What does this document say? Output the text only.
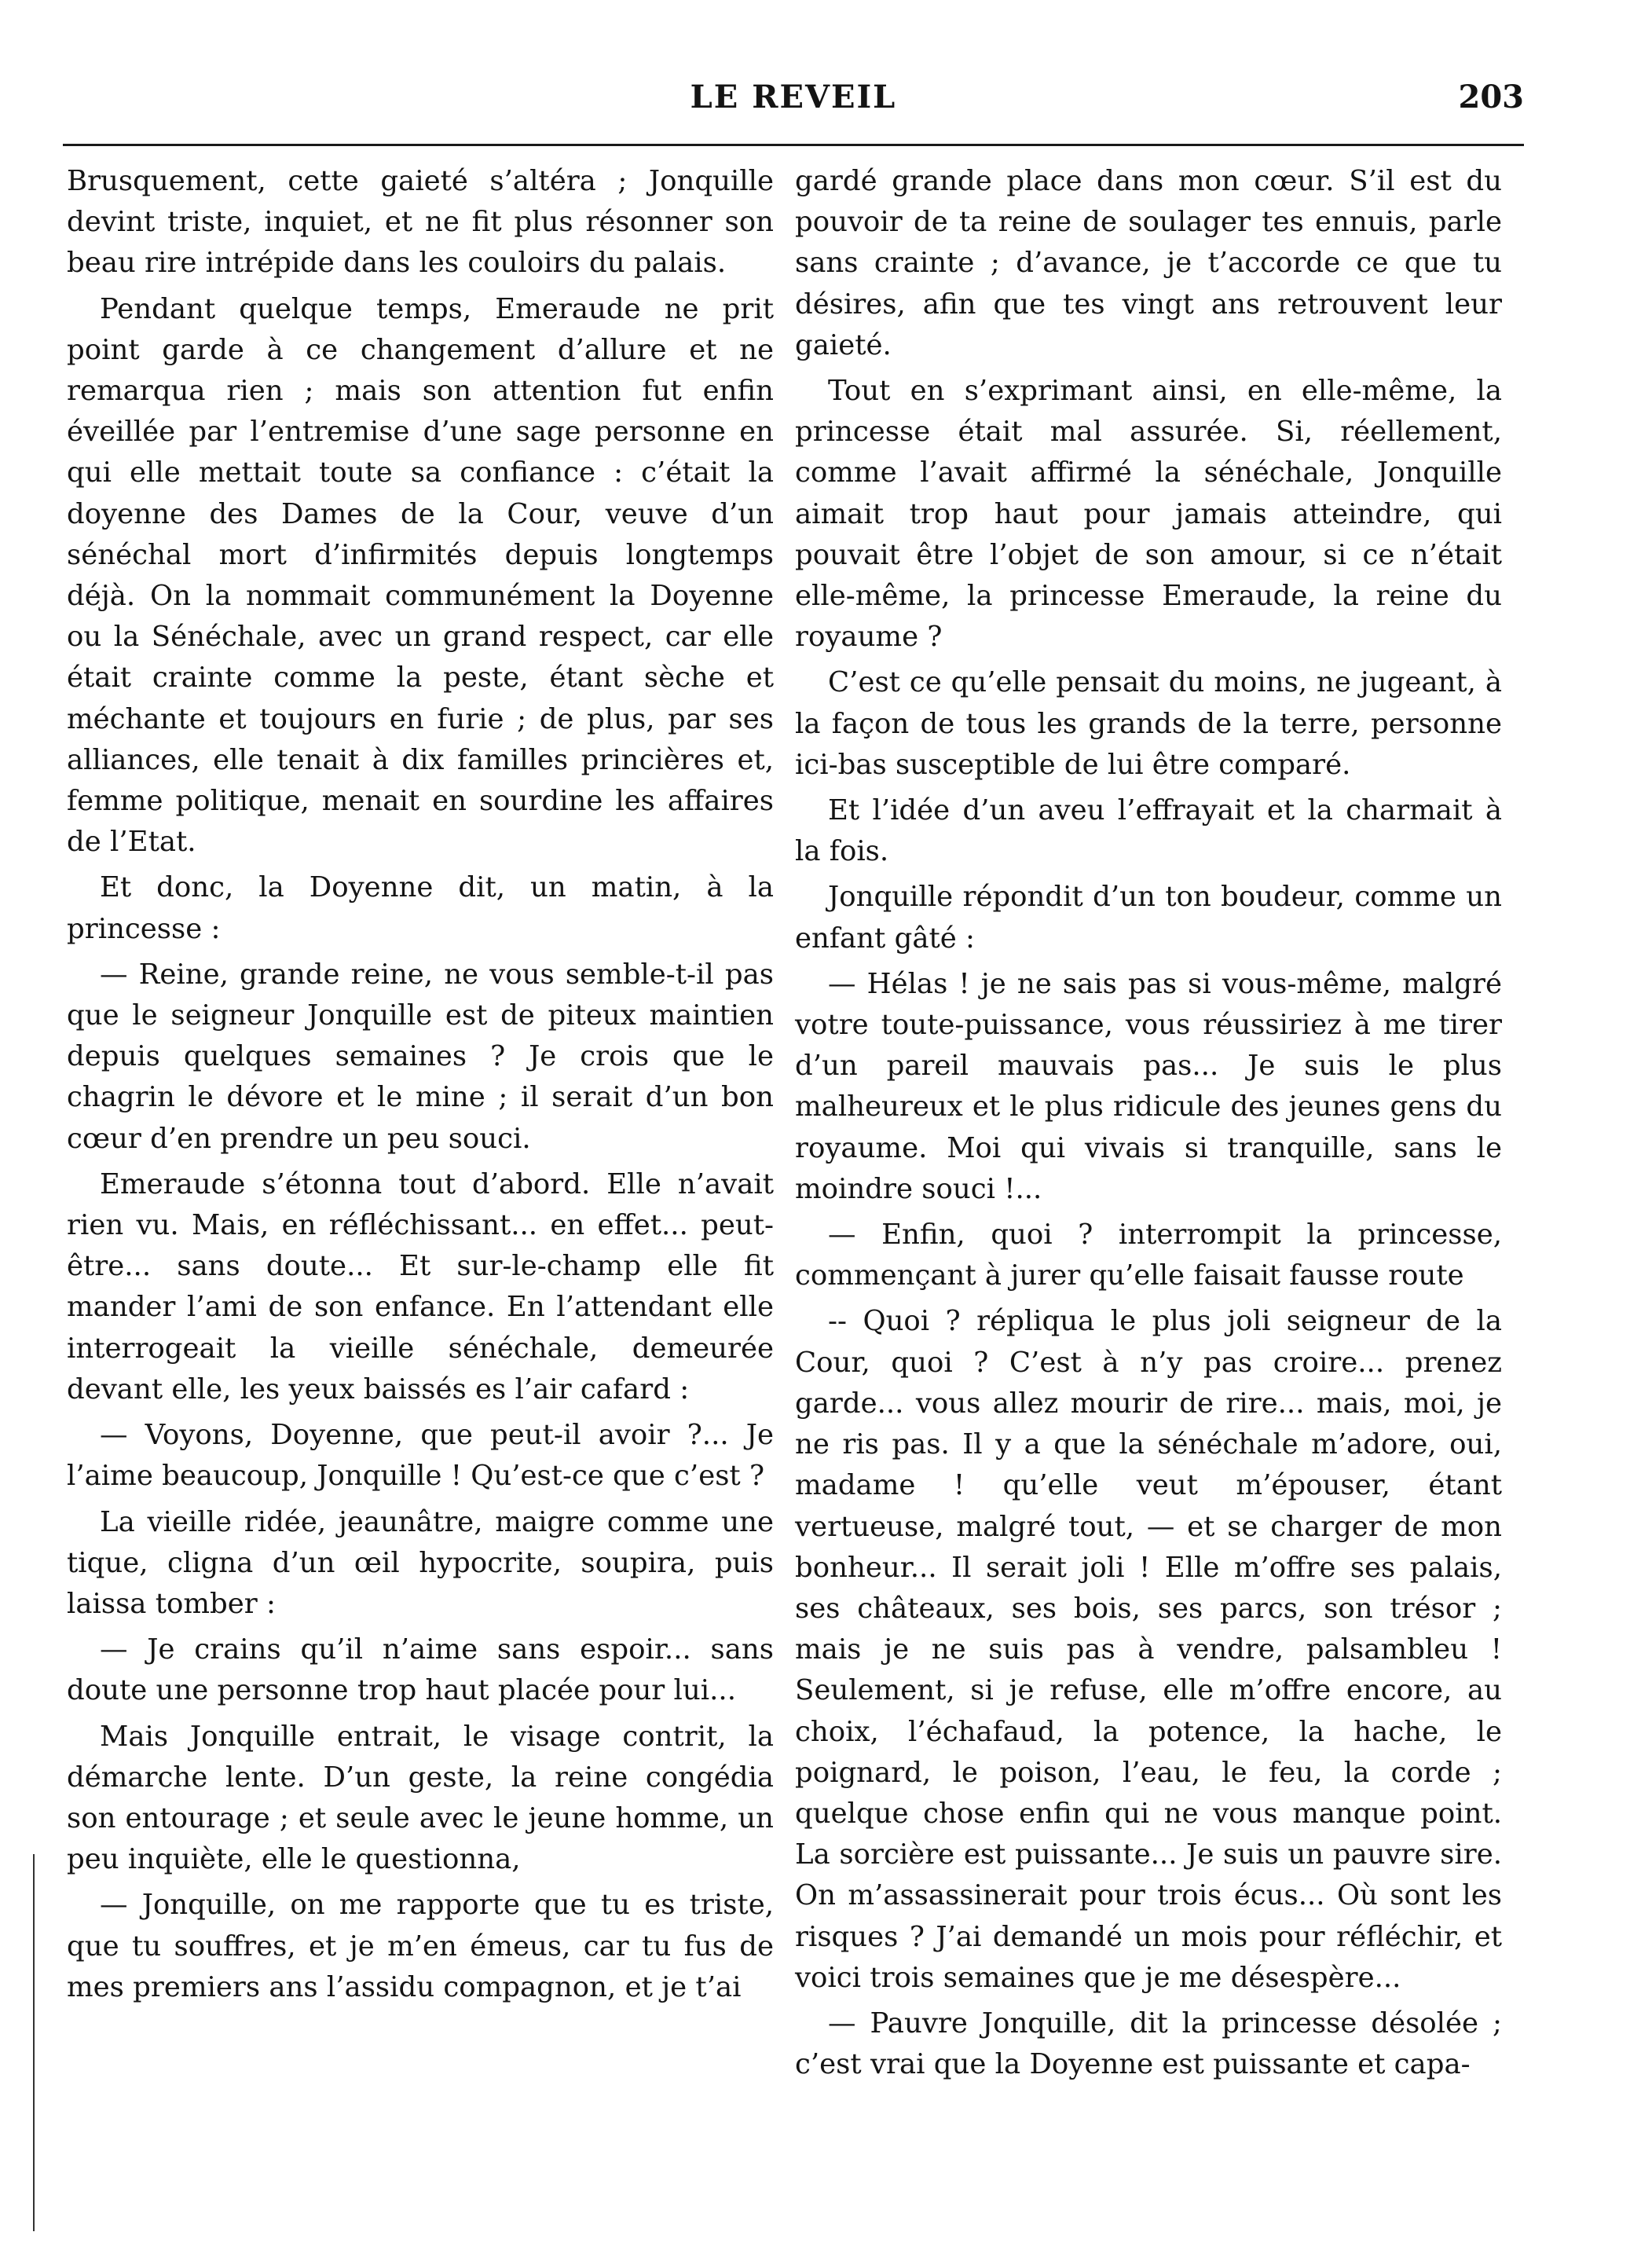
LE REVEIL	203

Brusquement, cette gaieté s’altéra ; Jonquille devint triste, inquiet, et ne fit plus résonner son beau rire intrépide dans les couloirs du palais.

Pendant quelque temps, Emeraude ne prit point garde à ce changement d’allure et ne remarqua rien ; mais son attention fut enfin éveillée par l’entremise d’une sage personne en qui elle mettait toute sa confiance : c’était la doyenne des Dames de la Cour, veuve d’un sénéchal mort d’infirmités depuis longtemps déjà. On la nommait communément la Doyenne ou la Sénéchale, avec un grand respect, car elle était crainte comme la peste, étant sèche et méchante et toujours en furie ; de plus, par ses alliances, elle tenait à dix familles princières et, femme politique, menait en sourdine les affaires de l’Etat.

Et donc, la Doyenne dit, un matin, à la princesse :

— Reine, grande reine, ne vous semble-t-il pas que le seigneur Jonquille est de piteux maintien depuis quelques semaines ? Je crois que le chagrin le dévore et le mine ; il serait d’un bon cœur d’en prendre un peu souci.

Emeraude s’étonna tout d’abord. Elle n’avait rien vu. Mais, en réfléchissant... en effet... peut-être... sans doute... Et sur-le-champ elle fit mander l’ami de son enfance. En l’attendant elle interrogeait la vieille sénéchale, demeurée devant elle, les yeux baissés es l’air cafard :

— Voyons, Doyenne, que peut-il avoir ?... Je l’aime beaucoup, Jonquille ! Qu’est-ce que c’est ?

La vieille ridée, jeaunâtre, maigre comme une tique, cligna d’un œil hypocrite, soupira, puis laissa tomber :

— Je crains qu’il n’aime sans espoir... sans doute une personne trop haut placée pour lui...

Mais Jonquille entrait, le visage contrit, la démarche lente. D’un geste, la reine congédia son entourage ; et seule avec le jeune homme, un peu inquiète, elle le questionna,

— Jonquille, on me rapporte que tu es triste, que tu souffres, et je m’en émeus, car tu fus de mes premiers ans l’assidu compagnon, et je t’ai

gardé grande place dans mon cœur. S’il est du pouvoir de ta reine de soulager tes ennuis, parle sans crainte ; d’avance, je t’accorde ce que tu désires, afin que tes vingt ans retrouvent leur gaieté.

Tout en s’exprimant ainsi, en elle-même, la princesse était mal assurée. Si, réellement, comme l’avait affirmé la sénéchale, Jonquille aimait trop haut pour jamais atteindre, qui pouvait être l’objet de son amour, si ce n’était elle-même, la princesse Emeraude, la reine du royaume ?

C’est ce qu’elle pensait du moins, ne jugeant, à la façon de tous les grands de la terre, personne ici-bas susceptible de lui être comparé.

Et l’idée d’un aveu l’effrayait et la charmait à la fois.

Jonquille répondit d’un ton boudeur, comme un enfant gâté :

— Hélas ! je ne sais pas si vous-même, malgré votre toute-puissance, vous réussiriez à me tirer d’un pareil mauvais pas... Je suis le plus malheureux et le plus ridicule des jeunes gens du royaume. Moi qui vivais si tranquille, sans le moindre souci !...

— Enfin, quoi ? interrompit la princesse, commençant à jurer qu’elle faisait fausse route

-- Quoi ? répliqua le plus joli seigneur de la Cour, quoi ? C’est à n’y pas croire... prenez garde... vous allez mourir de rire... mais, moi, je ne ris pas. Il y a que la sénéchale m’adore, oui, madame ! qu’elle veut m’épouser, étant vertueuse, malgré tout, — et se charger de mon bonheur... Il serait joli ! Elle m’offre ses palais, ses châteaux, ses bois, ses parcs, son trésor ; mais je ne suis pas à vendre, palsambleu ! Seulement, si je refuse, elle m’offre encore, au choix, l’échafaud, la potence, la hache, le poignard, le poison, l’eau, le feu, la corde ; quelque chose enfin qui ne vous manque point. La sorcière est puissante... Je suis un pauvre sire. On m’assassinerait pour trois écus... Où sont les risques ? J’ai demandé un mois pour réfléchir, et voici trois semaines que je me désespère...

— Pauvre Jonquille, dit la princesse désolée ; c’est vrai que la Doyenne est puissante et capa-
